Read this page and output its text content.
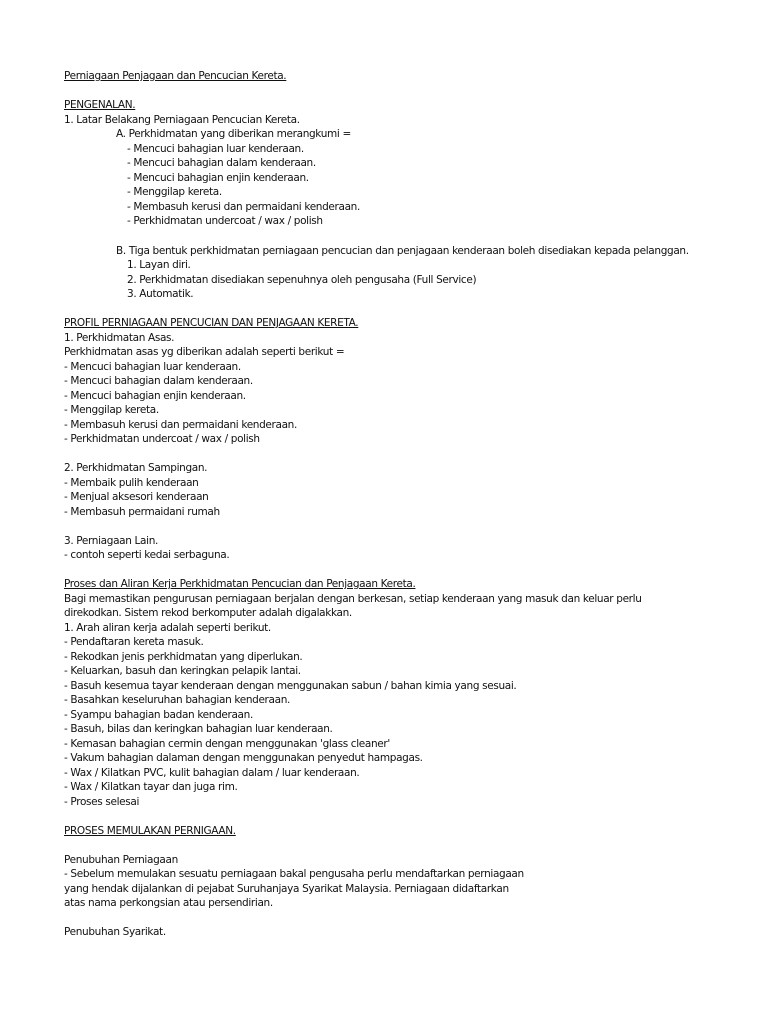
Perniagaan Penjagaan dan Pencucian Kereta.
PENGENALAN.
1. Latar Belakang Perniagaan Pencucian Kereta.
A. Perkhidmatan yang diberikan merangkumi =
- Mencuci bahagian luar kenderaan.
- Mencuci bahagian dalam kenderaan.
- Mencuci bahagian enjin kenderaan.
- Menggilap kereta.
- Membasuh kerusi dan permaidani kenderaan.
- Perkhidmatan undercoat / wax / polish
B. Tiga bentuk perkhidmatan perniagaan pencucian dan penjagaan kenderaan boleh disediakan kepada pelanggan.
1. Layan diri.
2. Perkhidmatan disediakan sepenuhnya oleh pengusaha (Full Service)
3. Automatik.
PROFIL PERNIAGAAN PENCUCIAN DAN PENJAGAAN KERETA.
1. Perkhidmatan Asas.
Perkhidmatan asas yg diberikan adalah seperti berikut =
- Mencuci bahagian luar kenderaan.
- Mencuci bahagian dalam kenderaan.
- Mencuci bahagian enjin kenderaan.
- Menggilap kereta.
- Membasuh kerusi dan permaidani kenderaan.
- Perkhidmatan undercoat / wax / polish
2. Perkhidmatan Sampingan.
- Membaik pulih kenderaan
- Menjual aksesori kenderaan
- Membasuh permaidani rumah
3. Perniagaan Lain.
- contoh seperti kedai serbaguna.
Proses dan Aliran Kerja Perkhidmatan Pencucian dan Penjagaan Kereta.
Bagi memastikan pengurusan perniagaan berjalan dengan berkesan, setiap kenderaan yang masuk dan keluar perlu
direkodkan. Sistem rekod berkomputer adalah digalakkan.
1. Arah aliran kerja adalah seperti berikut.
- Pendaftaran kereta masuk.
- Rekodkan jenis perkhidmatan yang diperlukan.
- Keluarkan, basuh dan keringkan pelapik lantai.
- Basuh kesemua tayar kenderaan dengan menggunakan sabun / bahan kimia yang sesuai.
- Basahkan keseluruhan bahagian kenderaan.
- Syampu bahagian badan kenderaan.
- Basuh, bilas dan keringkan bahagian luar kenderaan.
- Kemasan bahagian cermin dengan menggunakan 'glass cleaner'
- Vakum bahagian dalaman dengan menggunakan penyedut hampagas.
- Wax / Kilatkan PVC, kulit bahagian dalam / luar kenderaan.
- Wax / Kilatkan tayar dan juga rim.
- Proses selesai
PROSES MEMULAKAN PERNIGAAN.
Penubuhan Perniagaan
- Sebelum memulakan sesuatu perniagaan bakal pengusaha perlu mendaftarkan perniagaan
yang hendak dijalankan di pejabat Suruhanjaya Syarikat Malaysia. Perniagaan didaftarkan
atas nama perkongsian atau persendirian.
Penubuhan Syarikat.
